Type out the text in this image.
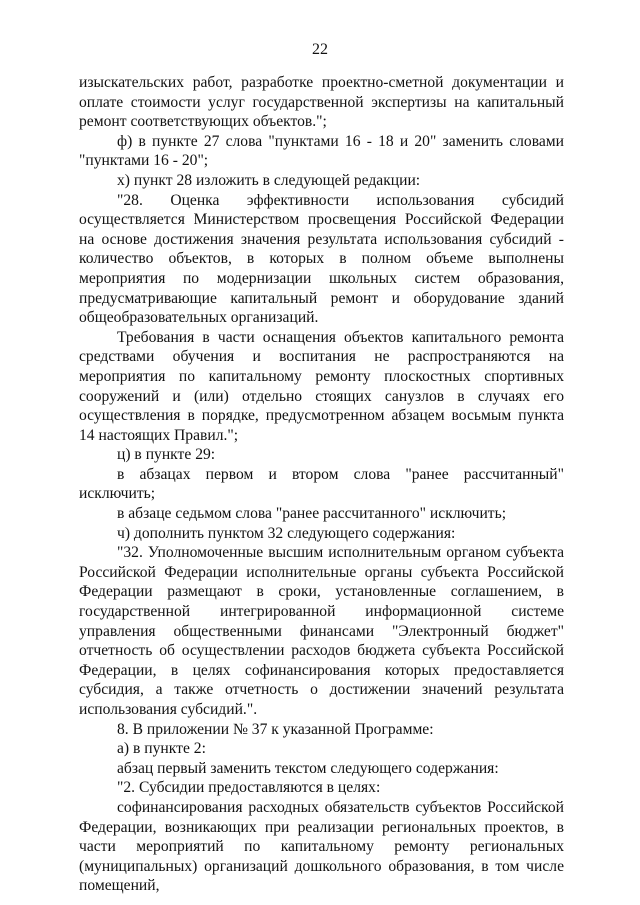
22

изыскательских работ, разработке проектно-сметной документации и оплате стоимости услуг государственной экспертизы на капитальный ремонт соответствующих объектов.";

ф) в пункте 27 слова "пунктами 16 - 18 и 20" заменить словами "пунктами 16 - 20";

х) пункт 28 изложить в следующей редакции:

"28. Оценка эффективности использования субсидий осуществляется Министерством просвещения Российской Федерации на основе достижения значения результата использования субсидий - количество объектов, в которых в полном объеме выполнены мероприятия по модернизации школьных систем образования, предусматривающие капитальный ремонт и оборудование зданий общеобразовательных организаций.

Требования в части оснащения объектов капитального ремонта средствами обучения и воспитания не распространяются на мероприятия по капитальному ремонту плоскостных спортивных сооружений и (или) отдельно стоящих санузлов в случаях его осуществления в порядке, предусмотренном абзацем восьмым пункта 14 настоящих Правил.";

ц) в пункте 29:

в абзацах первом и втором слова "ранее рассчитанный" исключить;

в абзаце седьмом слова "ранее рассчитанного" исключить;

ч) дополнить пунктом 32 следующего содержания:

"32. Уполномоченные высшим исполнительным органом субъекта Российской Федерации исполнительные органы субъекта Российской Федерации размещают в сроки, установленные соглашением, в государственной интегрированной информационной системе управления общественными финансами "Электронный бюджет" отчетность об осуществлении расходов бюджета субъекта Российской Федерации, в целях софинансирования которых предоставляется субсидия, а также отчетность о достижении значений результата использования субсидий.".

8. В приложении № 37 к указанной Программе:

а) в пункте 2:

абзац первый заменить текстом следующего содержания:

"2. Субсидии предоставляются в целях:

софинансирования расходных обязательств субъектов Российской Федерации, возникающих при реализации региональных проектов, в части мероприятий по капитальному ремонту региональных (муниципальных) организаций дошкольного образования, в том числе помещений,
